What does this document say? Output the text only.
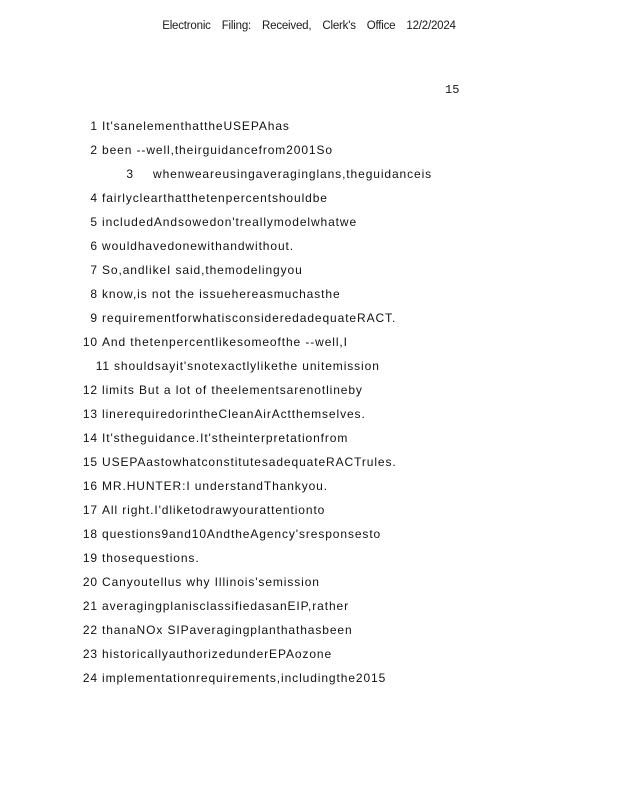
Electronic Filing: Received, Clerk's Office 12/2/2024
15
1 It'sanelementhattheUSEPAhas
2 been --well,theirguidancefrom2001So
3 whenweareusingaveraginglans,theguidanceis
4 fairlyclearthatthetenpercentshouldbe
5 includedAndsowedon'treallymodelwhatwe
6 wouldhavedonewithandwithout.
7 So,andlikeI said,themodelingyou
8 know,is not the issuehereasmuchasthe
9 requirementforwhatisconsideredadequateRACT.
10 And thetenpercentlikesomeofthe --well,I
11 shouldsayit'snotexactlylikethe unitemission
12 limits But a lot of theelementsarenotlineby
13 linerequiredorintheCleanAirActthemselves.
14 It'stheguidance.It'stheinterpretationfrom
15 USEPAastowhatconstitutesadequateRACTrules.
16 MR.HUNTER:I understandThankyou.
17 All right.I'dliketodrawyourattentionto
18 questions9and10AndtheAgency'sresponsesto
19 thosequestions.
20 Canyoutellus why Illinois'semission
21 averagingplanisclassifiedasanEIP,rather
22 thanaNOx SIPaveragingplanthathasbeen
23 historicallyauthorizedunderEPAozone
24 implementationrequirements,includingthe2015
